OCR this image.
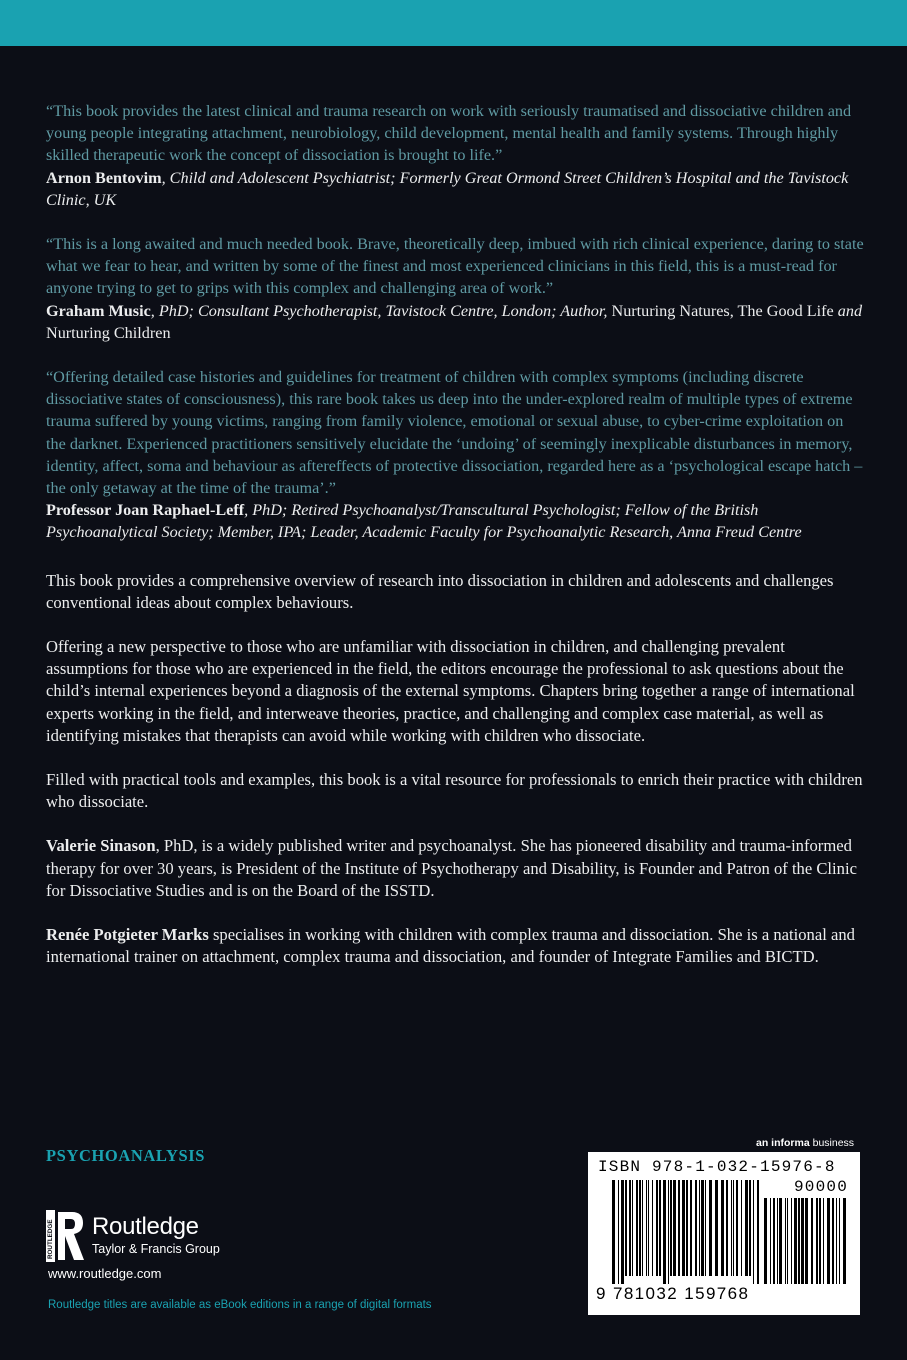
“This book provides the latest clinical and trauma research on work with seriously traumatised and dissociative children and young people integrating attachment, neurobiology, child development, mental health and family systems. Through highly skilled therapeutic work the concept of dissociation is brought to life.”

Arnon Bentovim, Child and Adolescent Psychiatrist; Formerly Great Ormond Street Children’s Hospital and the Tavistock Clinic, UK

“This is a long awaited and much needed book. Brave, theoretically deep, imbued with rich clinical experience, daring to state what we fear to hear, and written by some of the finest and most experienced clinicians in this field, this is a must-read for anyone trying to get to grips with this complex and challenging area of work.”

Graham Music, PhD; Consultant Psychotherapist, Tavistock Centre, London; Author, Nurturing Natures, The Good Life and Nurturing Children

“Offering detailed case histories and guidelines for treatment of children with complex symptoms (including discrete dissociative states of consciousness), this rare book takes us deep into the under-explored realm of multiple types of extreme trauma suffered by young victims, ranging from family violence, emotional or sexual abuse, to cyber-crime exploitation on the darknet. Experienced practitioners sensitively elucidate the ‘undoing’ of seemingly inexplicable disturbances in memory, identity, affect, soma and behaviour as aftereffects of protective dissociation, regarded here as a ‘psychological escape hatch – the only getaway at the time of the trauma’.”

Professor Joan Raphael-Leff, PhD; Retired Psychoanalyst/Transcultural Psychologist; Fellow of the British Psychoanalytical Society; Member, IPA; Leader, Academic Faculty for Psychoanalytic Research, Anna Freud Centre

This book provides a comprehensive overview of research into dissociation in children and adolescents and challenges conventional ideas about complex behaviours.

Offering a new perspective to those who are unfamiliar with dissociation in children, and challenging prevalent assumptions for those who are experienced in the field, the editors encourage the professional to ask questions about the child’s internal experiences beyond a diagnosis of the external symptoms. Chapters bring together a range of international experts working in the field, and interweave theories, practice, and challenging and complex case material, as well as identifying mistakes that therapists can avoid while working with children who dissociate.

Filled with practical tools and examples, this book is a vital resource for professionals to enrich their practice with children who dissociate.

Valerie Sinason, PhD, is a widely published writer and psychoanalyst. She has pioneered disability and trauma-informed therapy for over 30 years, is President of the Institute of Psychotherapy and Disability, is Founder and Patron of the Clinic for Dissociative Studies and is on the Board of the ISSTD.

Renée Potgieter Marks specialises in working with children with complex trauma and dissociation. She is a national and international trainer on attachment, complex trauma and dissociation, and founder of Integrate Families and BICTD.

PSYCHOANALYSIS
an informa business
ISBN 978-1-032-15976-8
90000
9 781032 159768
ROUTLEDGE Routledge
Taylor & Francis Group
www.routledge.com
Routledge titles are available as eBook editions in a range of digital formats
